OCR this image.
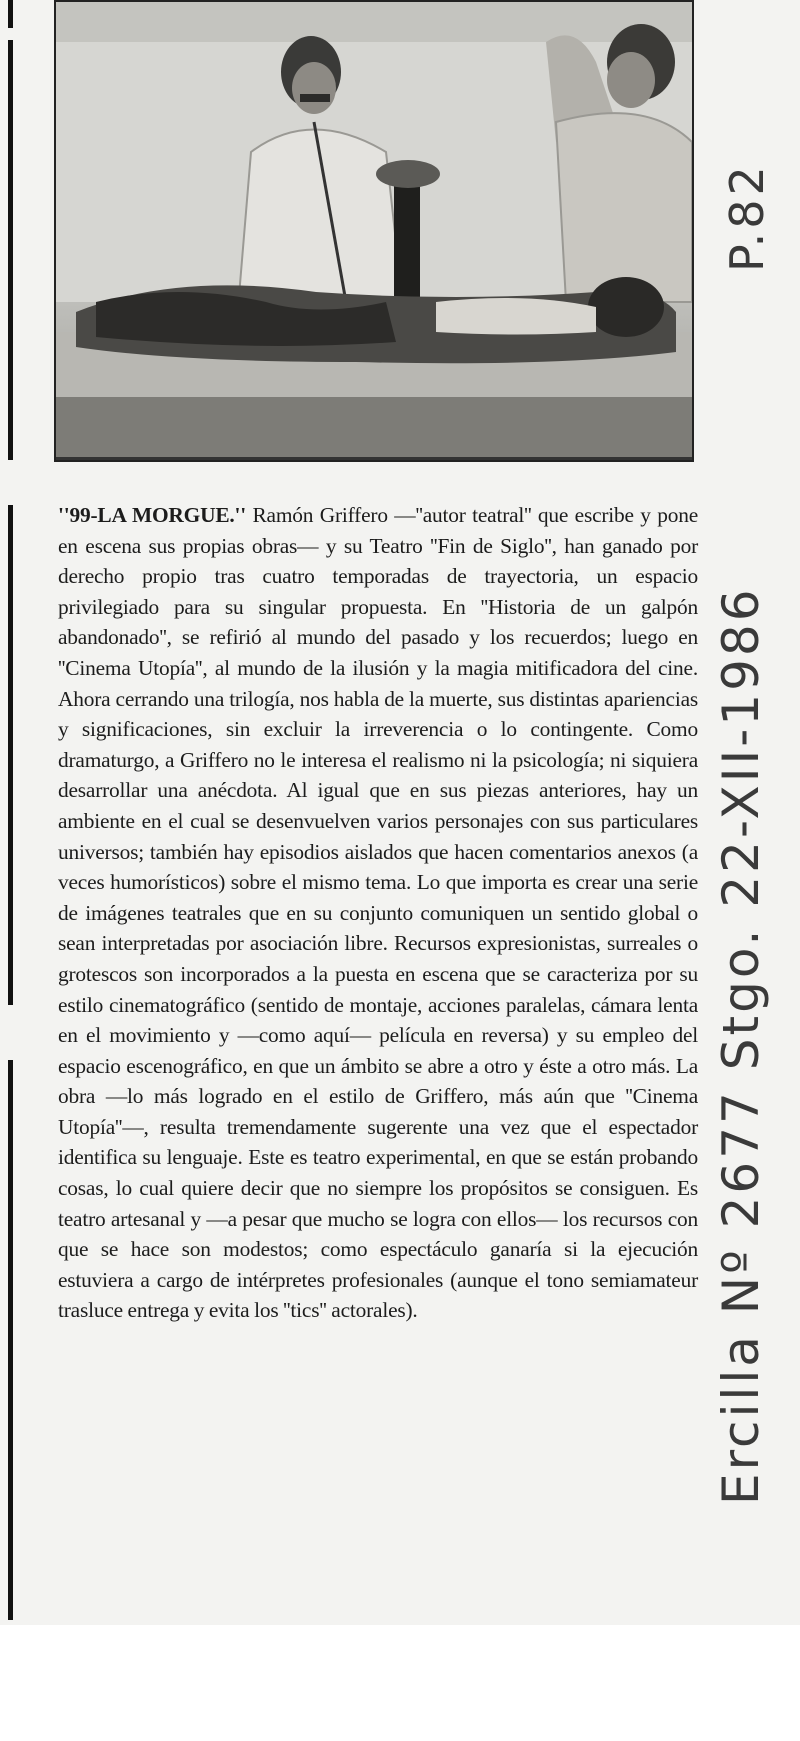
''99-LA MORGUE.'' Ramón Griffero —''autor teatral'' que escribe y pone en escena sus propias obras— y su Teatro ''Fin de Siglo'', han ganado por derecho propio tras cuatro temporadas de trayectoria, un espacio privilegiado para su singular propuesta. En ''Historia de un galpón abandonado'', se refirió al mundo del pasado y los recuerdos; luego en ''Cinema Utopía'', al mundo de la ilusión y la magia mitificadora del cine. Ahora cerrando una trilogía, nos habla de la muerte, sus distintas apariencias y significaciones, sin excluir la irreverencia o lo contingente. Como dramaturgo, a Griffero no le interesa el realismo ni la psicología; ni siquiera desarrollar una anécdota. Al igual que en sus piezas anteriores, hay un ambiente en el cual se desenvuelven varios personajes con sus particulares universos; también hay episodios aislados que hacen comentarios anexos (a veces humorísticos) sobre el mismo tema. Lo que importa es crear una serie de imágenes teatrales que en su conjunto comuniquen un sentido global o sean interpretadas por asociación libre. Recursos expresionistas, surreales o grotescos son incorporados a la puesta en escena que se caracteriza por su estilo cinematográfico (sentido de montaje, acciones paralelas, cámara lenta en el movimiento y —como aquí— película en reversa) y su empleo del espacio escenográfico, en que un ámbito se abre a otro y éste a otro más. La obra —lo más logrado en el estilo de Griffero, más aún que ''Cinema Utopía''—, resulta tremendamente sugerente una vez que el espectador identifica su lenguaje. Este es teatro experimental, en que se están probando cosas, lo cual quiere decir que no siempre los propósitos se consiguen. Es teatro artesanal y —a pesar que mucho se logra con ellos— los recursos con que se hace son modestos; como espectáculo ganaría si la ejecución estuviera a cargo de intérpretes profesionales (aunque el tono semiamateur trasluce entrega y evita los ''tics'' actorales).

P.82
Ercilla Nº 2677 Stgo. 22-XII-1986
